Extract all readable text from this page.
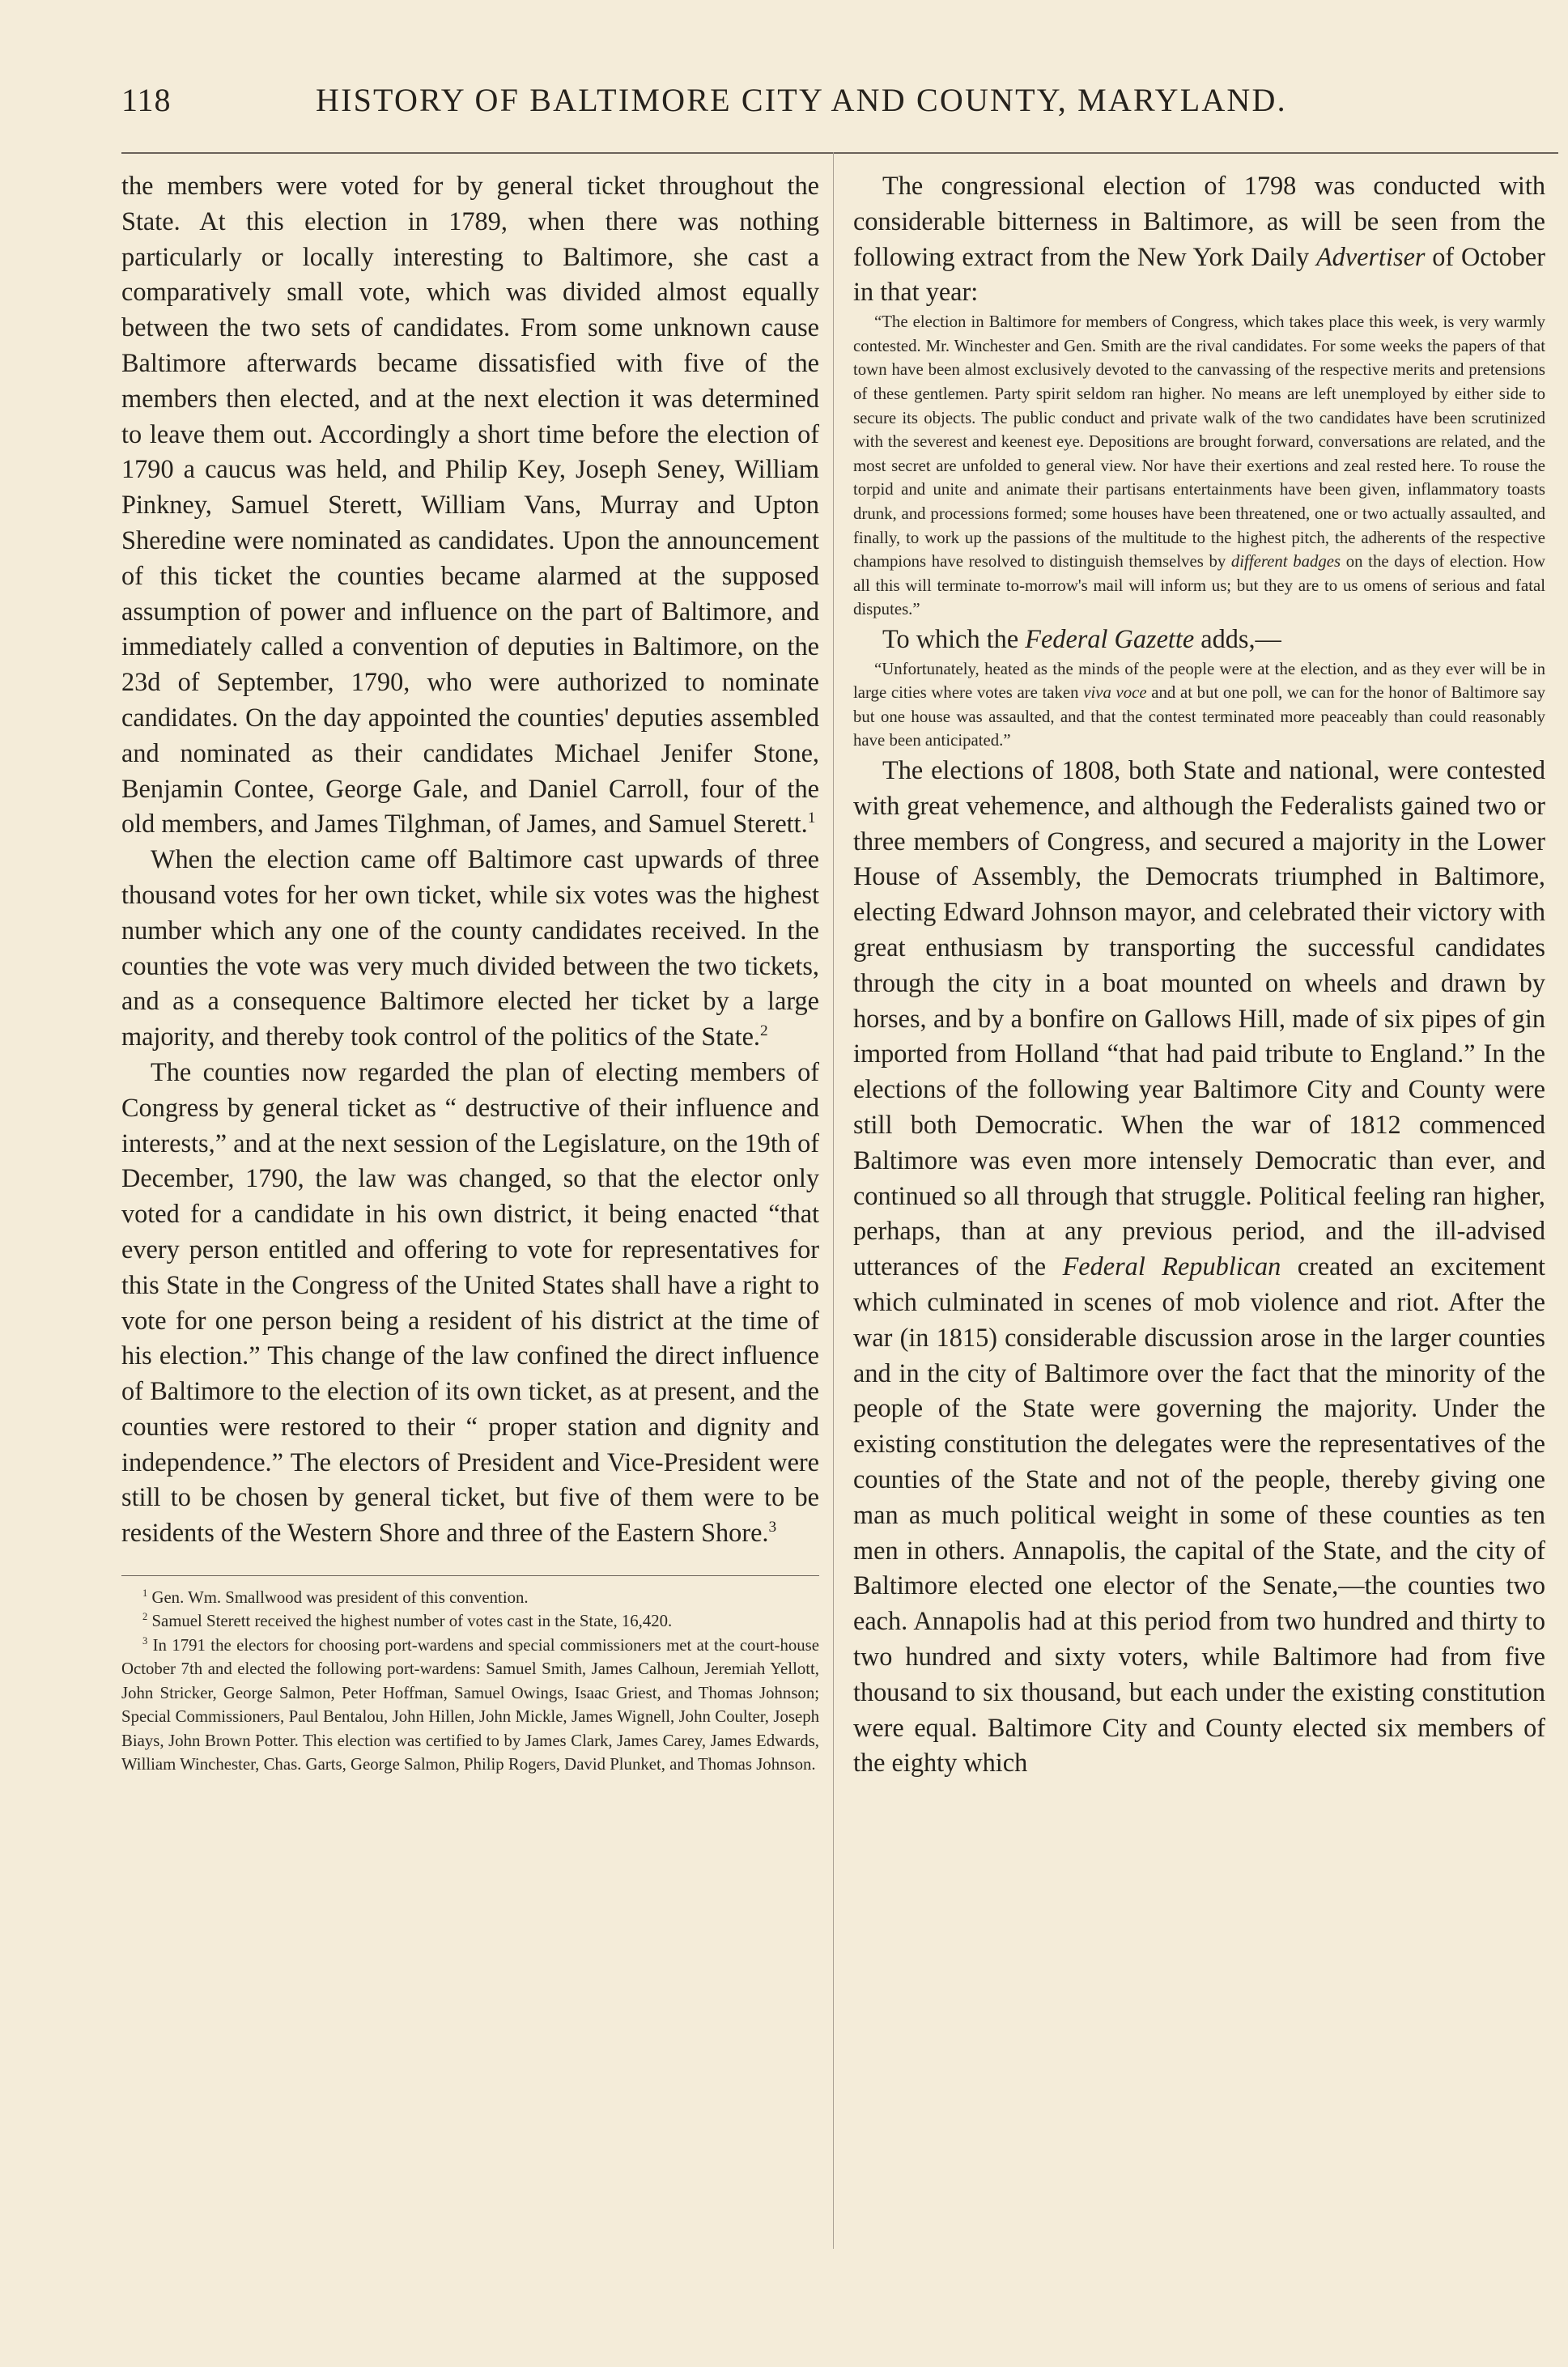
118	HISTORY OF BALTIMORE CITY AND COUNTY, MARYLAND.

the members were voted for by general ticket throughout the State. At this election in 1789, when there was nothing particularly or locally interesting to Baltimore, she cast a comparatively small vote, which was divided almost equally between the two sets of candidates. From some unknown cause Baltimore afterwards became dissatisfied with five of the members then elected, and at the next election it was determined to leave them out. Accordingly a short time before the election of 1790 a caucus was held, and Philip Key, Joseph Seney, William Pinkney, Samuel Sterett, William Vans, Murray and Upton Sheredine were nominated as candidates. Upon the announcement of this ticket the counties became alarmed at the supposed assumption of power and influence on the part of Baltimore, and immediately called a convention of deputies in Baltimore, on the 23d of September, 1790, who were authorized to nominate candidates. On the day appointed the counties' deputies assembled and nominated as their candidates Michael Jenifer Stone, Benjamin Contee, George Gale, and Daniel Carroll, four of the old members, and James Tilghman, of James, and Samuel Sterett.$^1$

When the election came off Baltimore cast upwards of three thousand votes for her own ticket, while six votes was the highest number which any one of the county candidates received. In the counties the vote was very much divided between the two tickets, and as a consequence Baltimore elected her ticket by a large majority, and thereby took control of the politics of the State.$^2$

The counties now regarded the plan of electing members of Congress by general ticket as “ destructive of their influence and interests,” and at the next session of the Legislature, on the 19th of December, 1790, the law was changed, so that the elector only voted for a candidate in his own district, it being enacted “that every person entitled and offering to vote for representatives for this State in the Congress of the United States shall have a right to vote for one person being a resident of his district at the time of his election.” This change of the law confined the direct influence of Baltimore to the election of its own ticket, as at present, and the counties were restored to their “ proper station and dignity and independence.” The electors of President and Vice-President were still to be chosen by general ticket, but five of them were to be residents of the Western Shore and three of the Eastern Shore.$^3$

$^1$ Gen. Wm. Smallwood was president of this convention.

$^2$ Samuel Sterett received the highest number of votes cast in the State, 16,420.

$^3$ In 1791 the electors for choosing port-wardens and special commissioners met at the court-house October 7th and elected the following port-wardens: Samuel Smith, James Calhoun, Jeremiah Yellott, John Stricker, George Salmon, Peter Hoffman, Samuel Owings, Isaac Griest, and Thomas Johnson; Special Commissioners, Paul Bentalou, John Hillen, John Mickle, James Wignell, John Coulter, Joseph Biays, John Brown Potter. This election was certified to by James Clark, James Carey, James Edwards, William Winchester, Chas. Garts, George Salmon, Philip Rogers, David Plunket, and Thomas Johnson.

The congressional election of 1798 was conducted with considerable bitterness in Baltimore, as will be seen from the following extract from the New York Daily Advertiser of October in that year:

“The election in Baltimore for members of Congress, which takes place this week, is very warmly contested. Mr. Winchester and Gen. Smith are the rival candidates. For some weeks the papers of that town have been almost exclusively devoted to the canvassing of the respective merits and pretensions of these gentlemen. Party spirit seldom ran higher. No means are left unemployed by either side to secure its objects. The public conduct and private walk of the two candidates have been scrutinized with the severest and keenest eye. Depositions are brought forward, conversations are related, and the most secret are unfolded to general view. Nor have their exertions and zeal rested here. To rouse the torpid and unite and animate their partisans entertainments have been given, inflammatory toasts drunk, and processions formed; some houses have been threatened, one or two actually assaulted, and finally, to work up the passions of the multitude to the highest pitch, the adherents of the respective champions have resolved to distinguish themselves by different badges on the days of election. How all this will terminate to-morrow's mail will inform us; but they are to us omens of serious and fatal disputes.”

To which the Federal Gazette adds,—

“Unfortunately, heated as the minds of the people were at the election, and as they ever will be in large cities where votes are taken viva voce and at but one poll, we can for the honor of Baltimore say but one house was assaulted, and that the contest terminated more peaceably than could reasonably have been anticipated.”

The elections of 1808, both State and national, were contested with great vehemence, and although the Federalists gained two or three members of Congress, and secured a majority in the Lower House of Assembly, the Democrats triumphed in Baltimore, electing Edward Johnson mayor, and celebrated their victory with great enthusiasm by transporting the successful candidates through the city in a boat mounted on wheels and drawn by horses, and by a bonfire on Gallows Hill, made of six pipes of gin imported from Holland “that had paid tribute to England.” In the elections of the following year Baltimore City and County were still both Democratic. When the war of 1812 commenced Baltimore was even more intensely Democratic than ever, and continued so all through that struggle. Political feeling ran higher, perhaps, than at any previous period, and the ill-advised utterances of the Federal Republican created an excitement which culminated in scenes of mob violence and riot. After the war (in 1815) considerable discussion arose in the larger counties and in the city of Baltimore over the fact that the minority of the people of the State were governing the majority. Under the existing constitution the delegates were the representatives of the counties of the State and not of the people, thereby giving one man as much political weight in some of these counties as ten men in others. Annapolis, the capital of the State, and the city of Baltimore elected one elector of the Senate,—the counties two each. Annapolis had at this period from two hundred and thirty to two hundred and sixty voters, while Baltimore had from five thousand to six thousand, but each under the existing constitution were equal. Baltimore City and County elected six members of the eighty which
